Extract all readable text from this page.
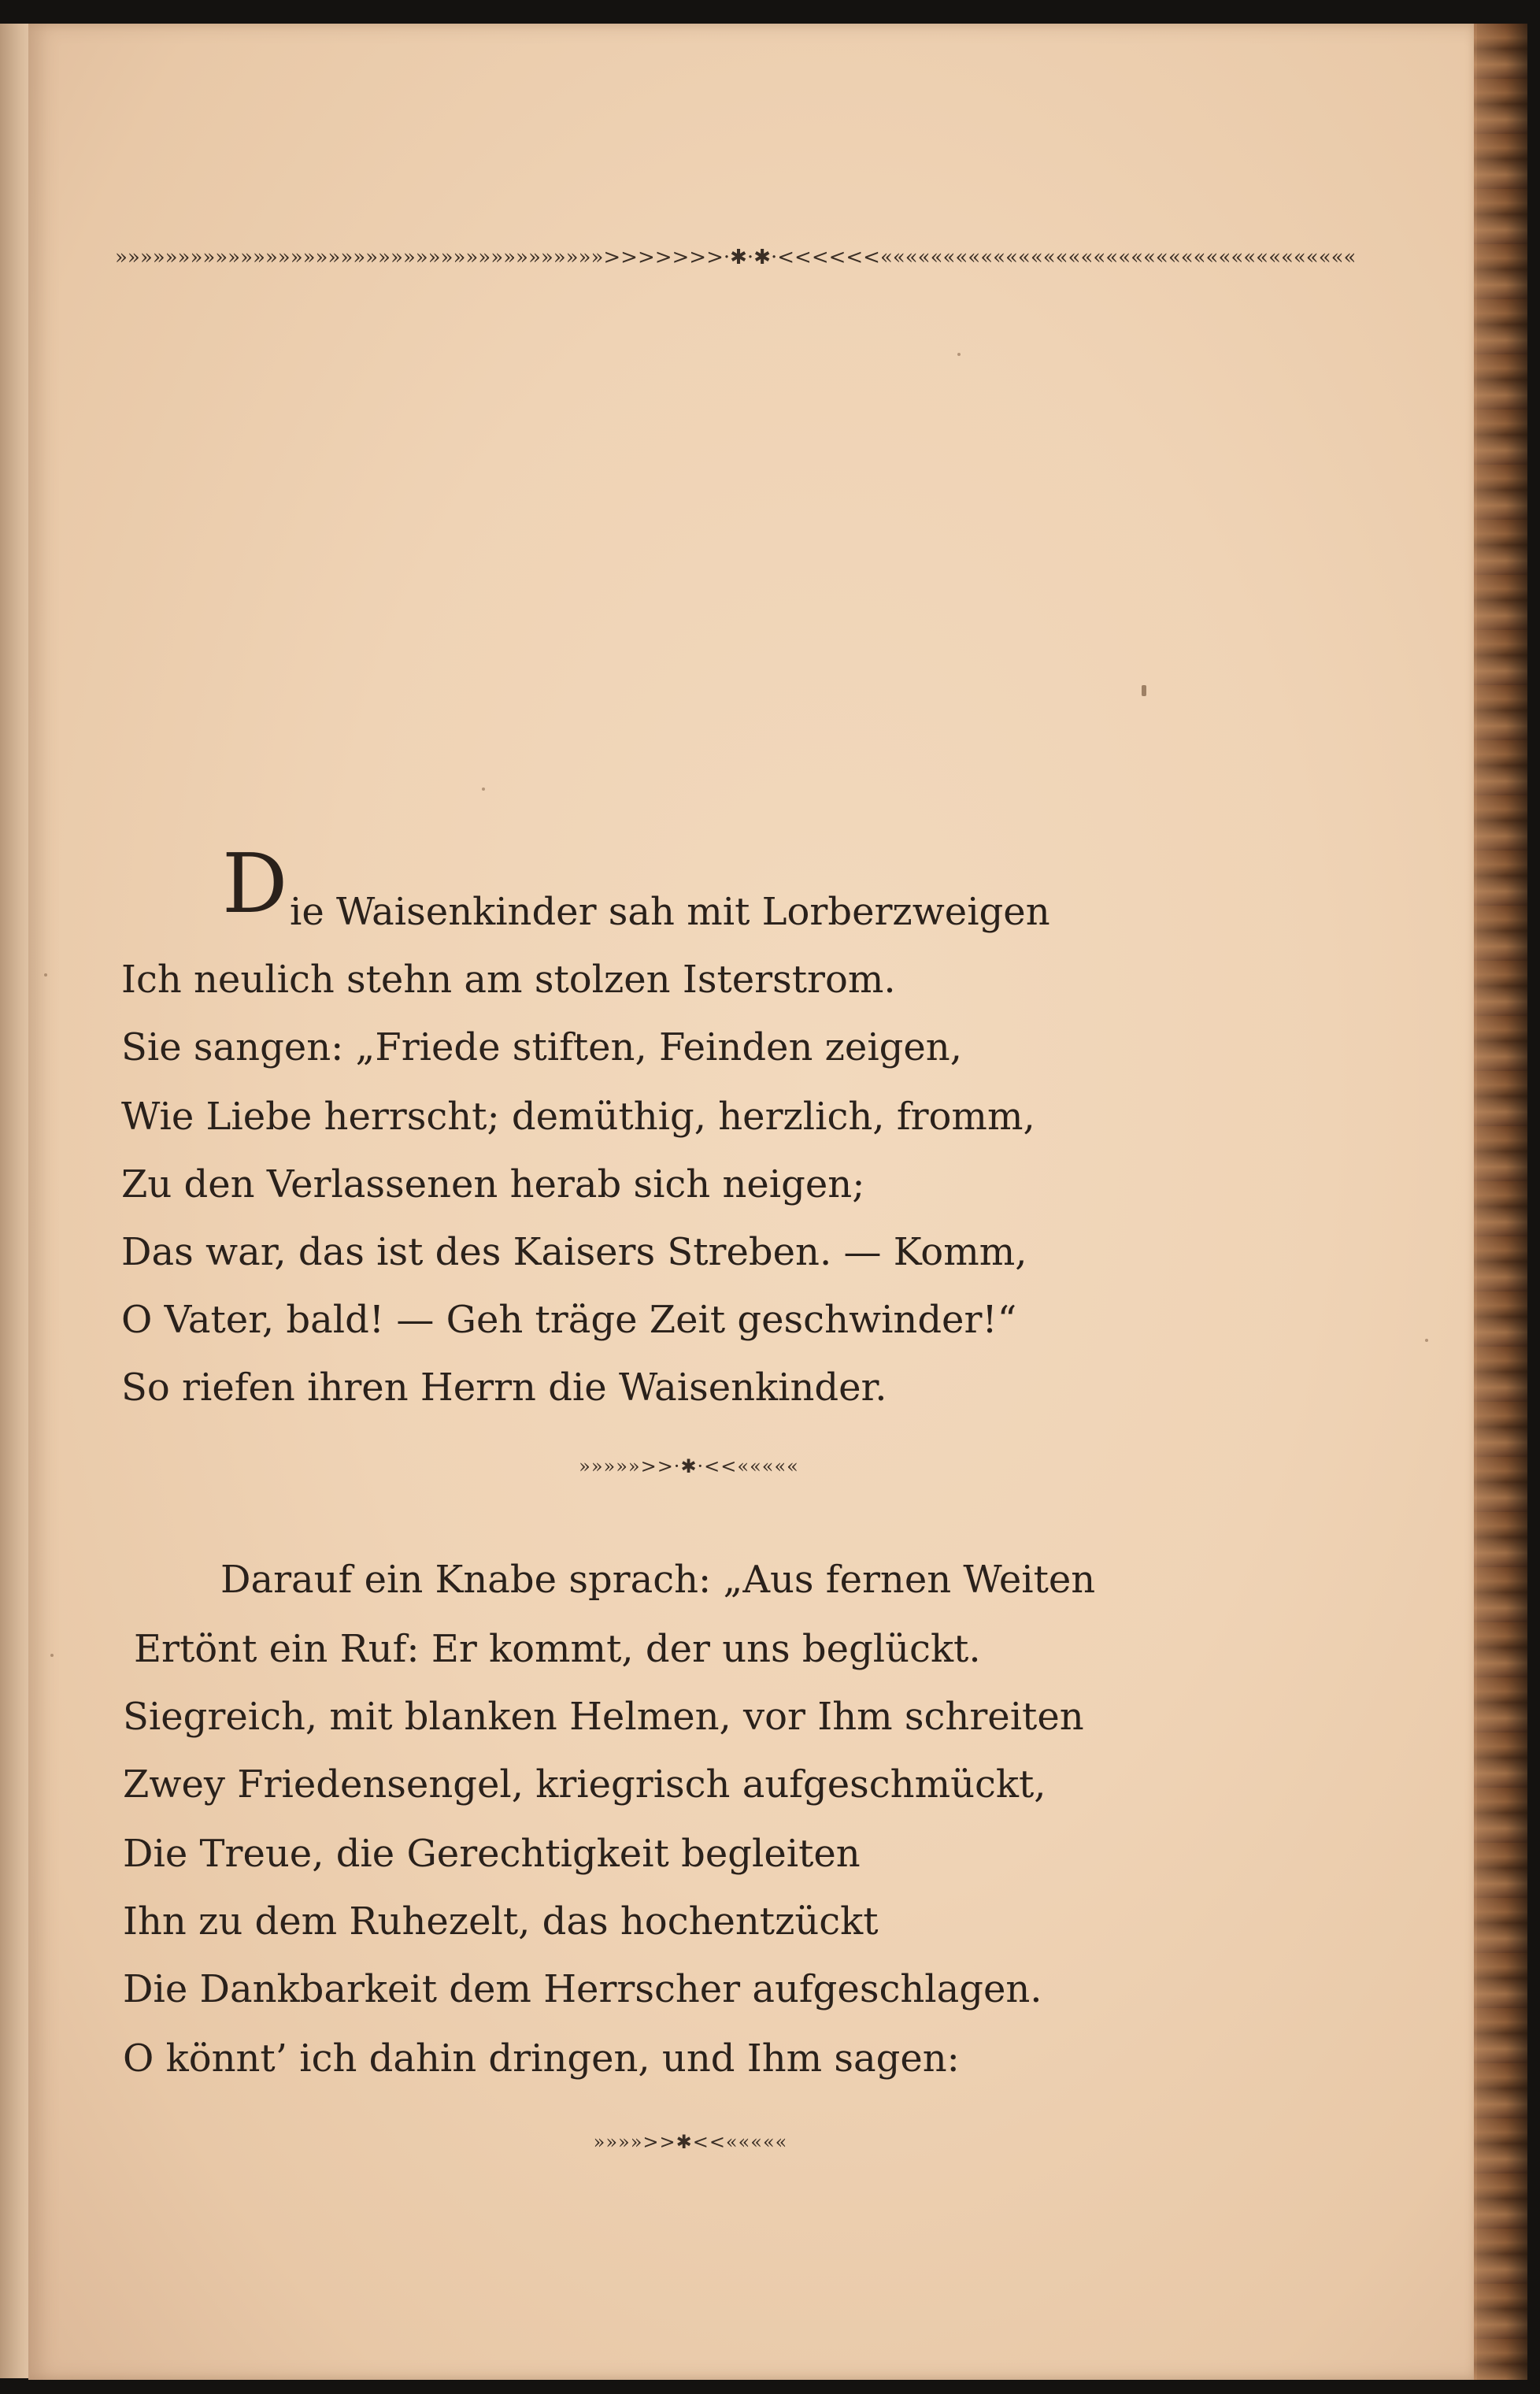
»»»»»»»»»»»»»»»»»»»»»»»»»»»»»»»»»»»»»»»>>>>>>>·✱·✱·<<<<<<««««««««««««««««««««««««««««««««««««««
D ie Waisenkinder sah mit Lorberzweigen
Ich neulich stehn am stolzen Isterstrom.
Sie sangen: „Friede stiften, Feinden zeigen,
Wie Liebe herrscht; demüthig, herzlich, fromm,
Zu den Verlassenen herab sich neigen;
Das war, das ist des Kaisers Streben. — Komm,
O Vater, bald! — Geh träge Zeit geschwinder!“
So riefen ihren Herrn die Waisenkinder.
»»»»»>>·✱·<<«««««
Darauf ein Knabe sprach: „Aus fernen Weiten
Ertönt ein Ruf: Er kommt, der uns beglückt.
Siegreich, mit blanken Helmen, vor Ihm schreiten
Zwey Friedensengel, kriegrisch aufgeschmückt,
Die Treue, die Gerechtigkeit begleiten
Ihn zu dem Ruhezelt, das hochentzückt
Die Dankbarkeit dem Herrscher aufgeschlagen.
O könnt’ ich dahin dringen, und Ihm sagen:
»»»»>>✱<<«««««
